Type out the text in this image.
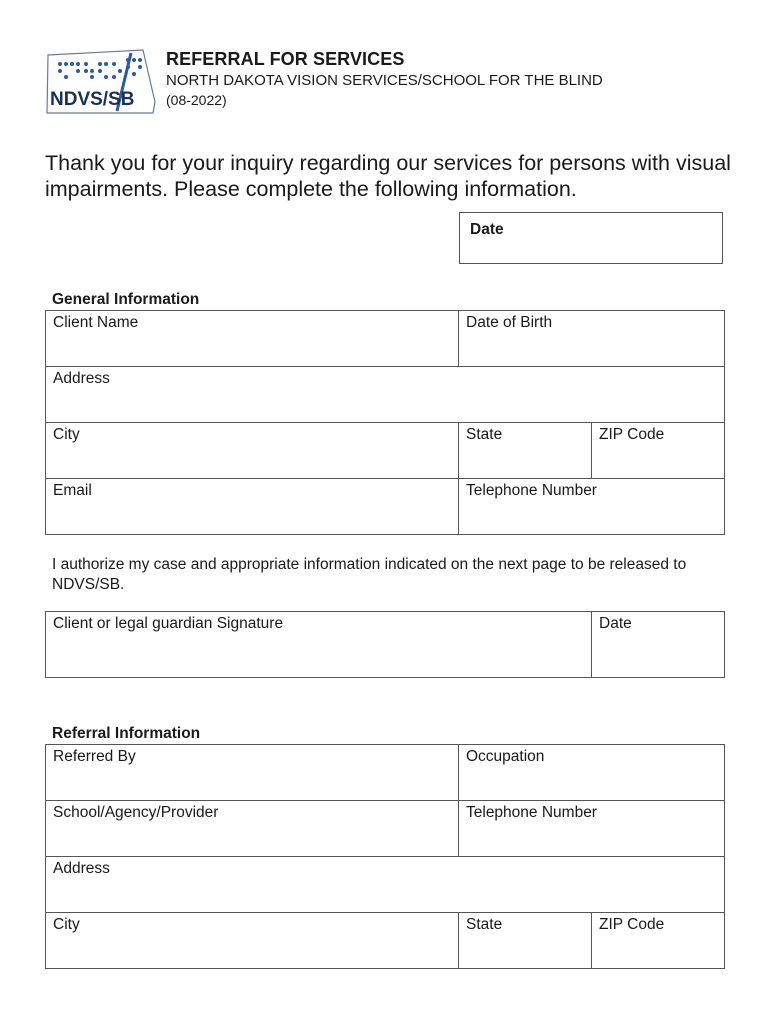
NDVS/SB
REFERRAL FOR SERVICES
NORTH DAKOTA VISION SERVICES/SCHOOL FOR THE BLIND
(08-2022)
Thank you for your inquiry regarding our services for persons with visual impairments. Please complete the following information.
Date
General Information
Client Name	Date of Birth	
Address		
City	State	ZIP Code
Email	Telephone Number	
I authorize my case and appropriate information indicated on the next page to be released to NDVS/SB.
Client or legal guardian Signature	Date
Referral Information
Referred By	Occupation	
School/Agency/Provider	Telephone Number	
Address		
City	State	ZIP Code
